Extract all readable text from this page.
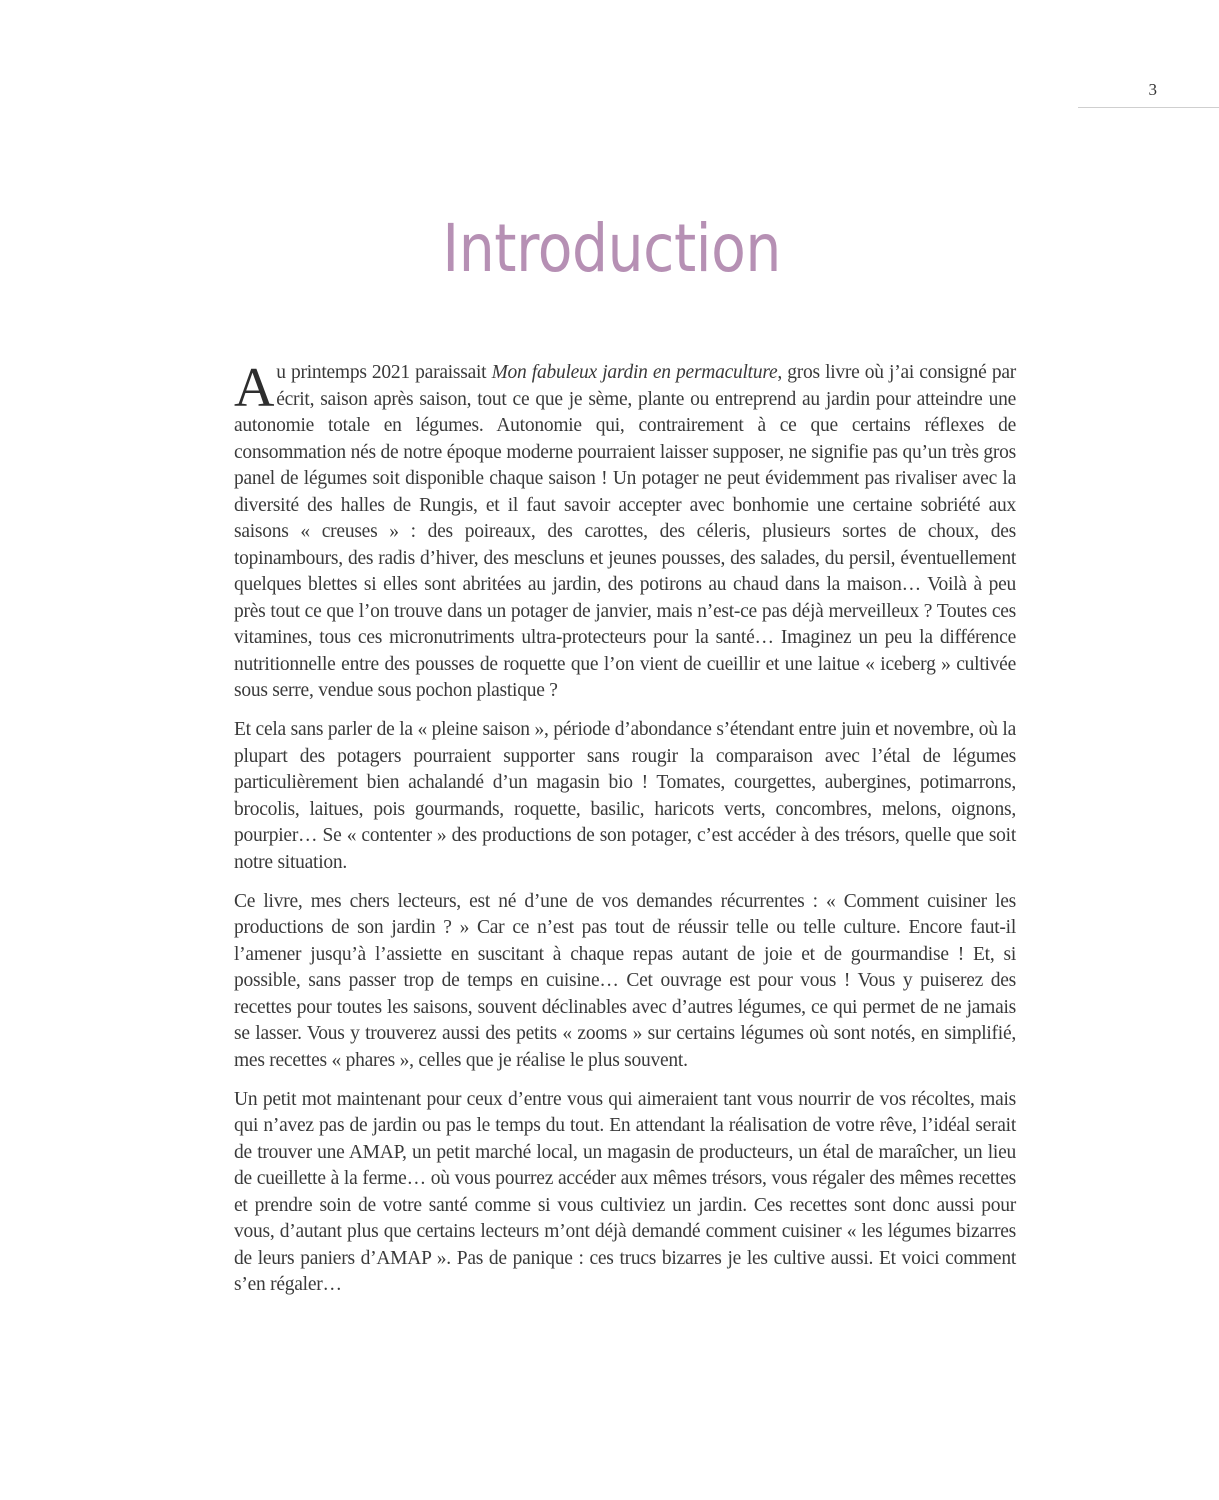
3
Introduction

Au printemps 2021 paraissait Mon fabuleux jardin en permaculture, gros livre où j’ai consigné par écrit, saison après saison, tout ce que je sème, plante ou entreprend au jardin pour atteindre une autonomie totale en légumes. Autonomie qui, contrairement à ce que certains réflexes de consommation nés de notre époque moderne pourraient laisser supposer, ne signifie pas qu’un très gros panel de légumes soit disponible chaque saison ! Un potager ne peut évidemment pas rivaliser avec la diversité des halles de Rungis, et il faut savoir accepter avec bonhomie une certaine sobriété aux saisons « creuses » : des poireaux, des carottes, des céleris, plusieurs sortes de choux, des topinambours, des radis d’hiver, des mescluns et jeunes pousses, des salades, du persil, éventuellement quelques blettes si elles sont abritées au jardin, des potirons au chaud dans la maison… Voilà à peu près tout ce que l’on trouve dans un potager de janvier, mais n’est-ce pas déjà merveilleux ? Toutes ces vitamines, tous ces micronutriments ultra-protecteurs pour la santé… Imaginez un peu la différence nutritionnelle entre des pousses de roquette que l’on vient de cueillir et une laitue « iceberg » cultivée sous serre, vendue sous pochon plastique ?

Et cela sans parler de la « pleine saison », période d’abondance s’étendant entre juin et novembre, où la plupart des potagers pourraient supporter sans rougir la comparaison avec l’étal de légumes particulièrement bien achalandé d’un magasin bio ! Tomates, courgettes, aubergines, potimarrons, brocolis, laitues, pois gourmands, roquette, basilic, haricots verts, concombres, melons, oignons, pourpier… Se « contenter » des productions de son potager, c’est accéder à des trésors, quelle que soit notre situation.

Ce livre, mes chers lecteurs, est né d’une de vos demandes récurrentes : « Comment cuisiner les productions de son jardin ? » Car ce n’est pas tout de réussir telle ou telle culture. Encore faut-il l’amener jusqu’à l’assiette en suscitant à chaque repas autant de joie et de gourmandise ! Et, si possible, sans passer trop de temps en cuisine… Cet ouvrage est pour vous ! Vous y puiserez des recettes pour toutes les saisons, souvent déclinables avec d’autres légumes, ce qui permet de ne jamais se lasser. Vous y trouverez aussi des petits « zooms » sur certains légumes où sont notés, en simplifié, mes recettes « phares », celles que je réalise le plus souvent.

Un petit mot maintenant pour ceux d’entre vous qui aimeraient tant vous nourrir de vos récoltes, mais qui n’avez pas de jardin ou pas le temps du tout. En attendant la réalisation de votre rêve, l’idéal serait de trouver une AMAP, un petit marché local, un magasin de producteurs, un étal de maraîcher, un lieu de cueillette à la ferme… où vous pourrez accéder aux mêmes trésors, vous régaler des mêmes recettes et prendre soin de votre santé comme si vous cultiviez un jardin. Ces recettes sont donc aussi pour vous, d’autant plus que certains lecteurs m’ont déjà demandé comment cuisiner « les légumes bizarres de leurs paniers d’AMAP ». Pas de panique : ces trucs bizarres je les cultive aussi. Et voici comment s’en régaler…
